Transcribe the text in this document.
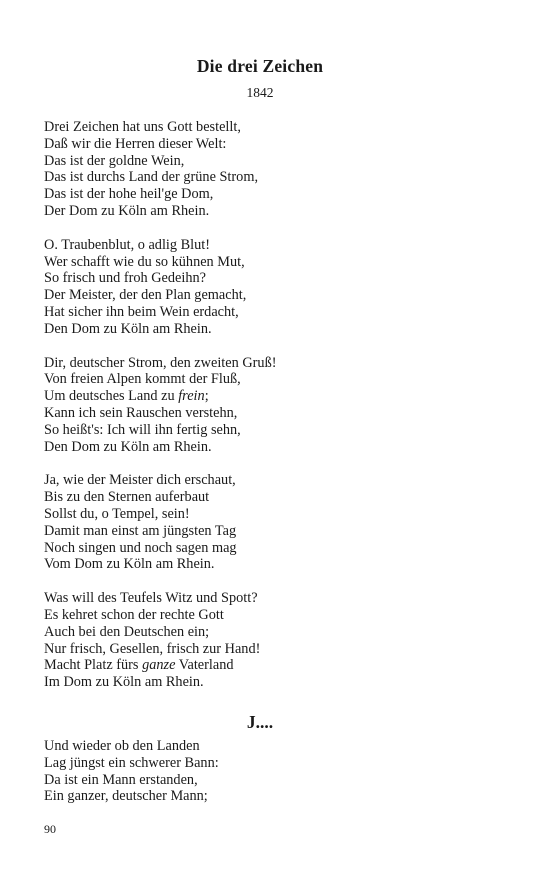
Die drei Zeichen
1842
Drei Zeichen hat uns Gott bestellt,
Daß wir die Herren dieser Welt:
Das ist der goldne Wein,
Das ist durchs Land der grüne Strom,
Das ist der hohe heil'ge Dom,
Der Dom zu Köln am Rhein.
O. Traubenblut, o adlig Blut!
Wer schafft wie du so kühnen Mut,
So frisch und froh Gedeihn?
Der Meister, der den Plan gemacht,
Hat sicher ihn beim Wein erdacht,
Den Dom zu Köln am Rhein.
Dir, deutscher Strom, den zweiten Gruß!
Von freien Alpen kommt der Fluß,
Um deutsches Land zu frein;
Kann ich sein Rauschen verstehn,
So heißt's: Ich will ihn fertig sehn,
Den Dom zu Köln am Rhein.
Ja, wie der Meister dich erschaut,
Bis zu den Sternen auferbaut
Sollst du, o Tempel, sein!
Damit man einst am jüngsten Tag
Noch singen und noch sagen mag
Vom Dom zu Köln am Rhein.
Was will des Teufels Witz und Spott?
Es kehret schon der rechte Gott
Auch bei den Deutschen ein;
Nur frisch, Gesellen, frisch zur Hand!
Macht Platz fürs ganze Vaterland
Im Dom zu Köln am Rhein.
J....
Und wieder ob den Landen
Lag jüngst ein schwerer Bann:
Da ist ein Mann erstanden,
Ein ganzer, deutscher Mann;
90
